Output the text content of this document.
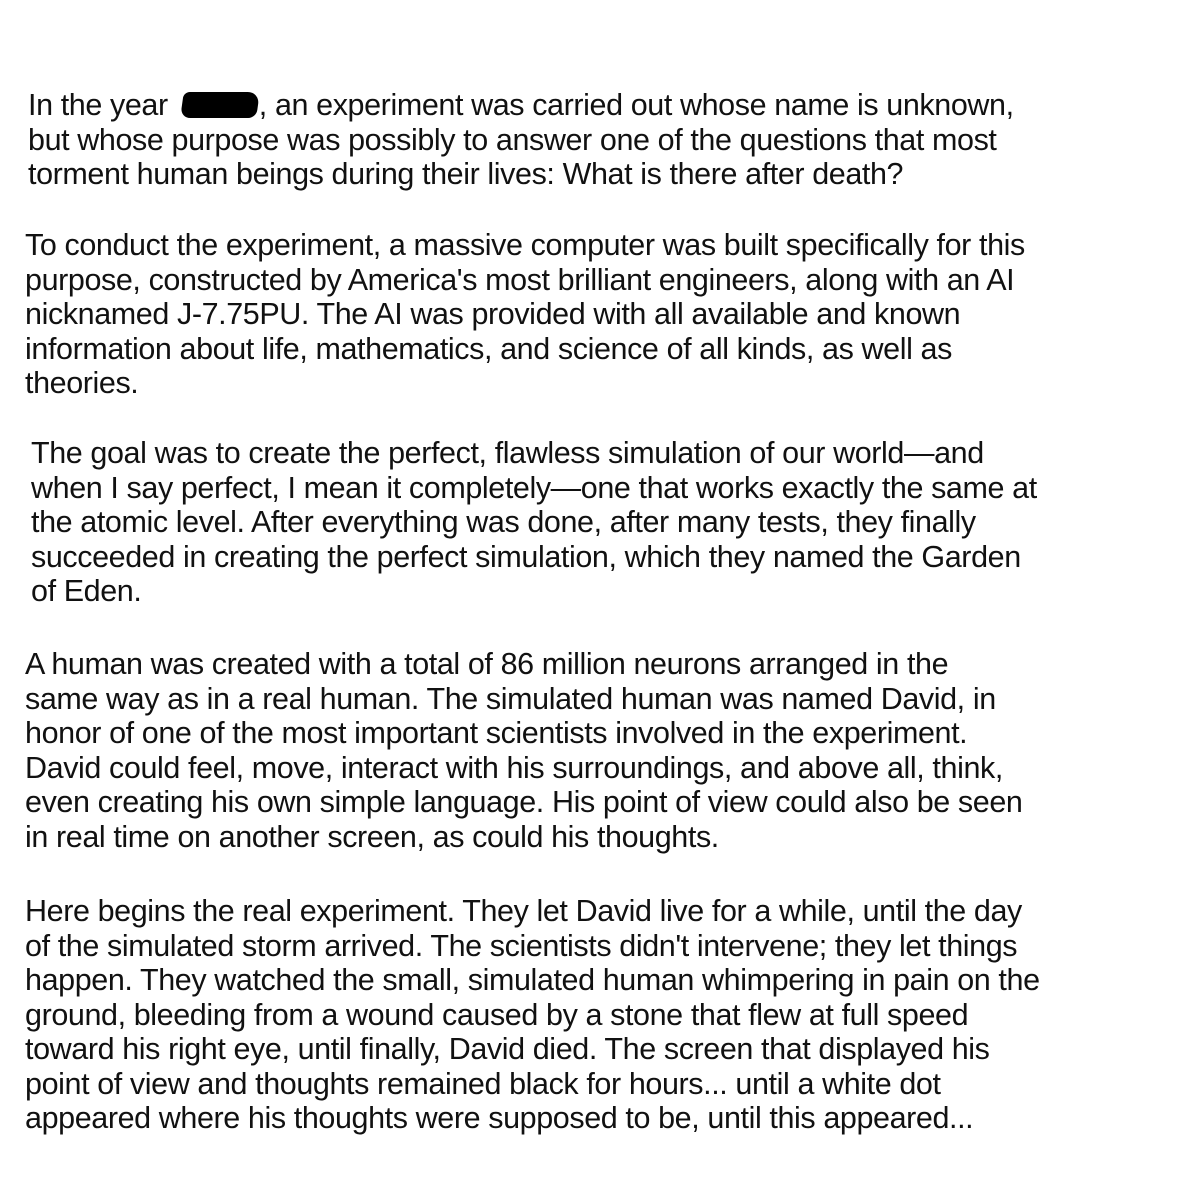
In the year	, an experiment was carried out whose name is unknown,
but whose purpose was possibly to answer one of the questions that most
torment human beings during their lives: What is there after death?

To conduct the experiment, a massive computer was built specifically for this
purpose, constructed by America's most brilliant engineers, along with an AI
nicknamed J-7.75PU. The AI was provided with all available and known
information about life, mathematics, and science of all kinds, as well as
theories.

The goal was to create the perfect, flawless simulation of our world—and
when I say perfect, I mean it completely—one that works exactly the same at
the atomic level. After everything was done, after many tests, they finally
succeeded in creating the perfect simulation, which they named the Garden
of Eden.

A human was created with a total of 86 million neurons arranged in the
same way as in a real human. The simulated human was named David, in
honor of one of the most important scientists involved in the experiment.
David could feel, move, interact with his surroundings, and above all, think,
even creating his own simple language. His point of view could also be seen
in real time on another screen, as could his thoughts.

Here begins the real experiment. They let David live for a while, until the day
of the simulated storm arrived. The scientists didn't intervene; they let things
happen. They watched the small, simulated human whimpering in pain on the
ground, bleeding from a wound caused by a stone that flew at full speed
toward his right eye, until finally, David died. The screen that displayed his
point of view and thoughts remained black for hours... until a white dot
appeared where his thoughts were supposed to be, until this appeared...
